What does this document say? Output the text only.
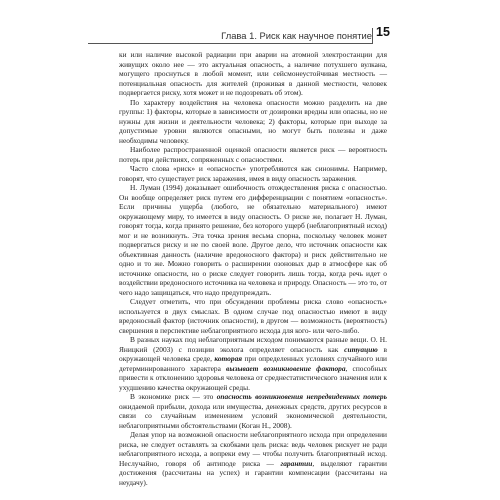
Глава 1. Риск как научное понятие 15

ки или наличие высокой радиации при аварии на атомной электростанции для живущих около нее — это актуальная опасность, а наличие потухшего вулкана, могущего проснуться в любой момент, или сейсмонеустойчивая местность — потенциальная опасность для жителей (проживая в данной местности, человек подвергается риску, хотя может и не подозревать об этом).

По характеру воздействия на человека опасности можно разделить на две группы: 1) факторы, которые в зависимости от дозировки вредны или опасны, но не нужны для жизни и деятельности человека; 2) факторы, которые при выходе за допустимые уровни являются опасными, но могут быть полезны и даже необходимы человеку.

Наиболее распространенной оценкой опасности является риск — вероятность потерь при действиях, сопряженных с опасностями.

Часто слова «риск» и «опасность» употребляются как синонимы. Например, говорят, что существует риск заражения, имея в виду опасность заражения.

Н. Луман (1994) доказывает ошибочность отождествления риска с опасностью. Он вообще определяет риск путем его дифференциации с понятием «опасность». Если причины ущерба (любого, не обязательно материального) имеют окружающему миру, то имеется в виду опасность. О риске же, полагает Н. Луман, говорят тогда, когда принято решение, без которого ущерб (неблагоприятный исход) мог и не возникнуть. Эта точка зрения весьма спорна, поскольку человек может подвергаться риску и не по своей воле. Другое дело, что источник опасности как объективная данность (наличие вредоносного фактора) и риск действительно не одно и то же. Можно говорить о расширении озоновых дыр в атмосфере как об источнике опасности, но о риске следует говорить лишь тогда, когда речь идет о воздействии вредоносного источника на человека и природу. Опасность — это то, от чего надо защищаться, что надо предупреждать.

Следует отметить, что при обсуждении проблемы риска слово «опасность» используется в двух смыслах. В одном случае под опасностью имеют в виду вредоносный фактор (источник опасности), в другом — возможность (вероятность) свершения в перспективе неблагоприятного исхода для кого- или чего-либо.

В разных науках под неблагоприятным исходом понимаются разные вещи. О. Н. Яницкий (2003) с позиции эколога определяет опасность как ситуацию в окружающей человека среде, которая при определенных условиях случайного или детерминированного характера вызывает возникновение фактора, способных привести к отклонению здоровья человека от среднестатистического значения или к ухудшению качества окружающей среды.

В экономике риск — это опасность возникновения непредвиденных потерь ожидаемой прибыли, дохода или имущества, денежных средств, других ресурсов в связи со случайным изменением условий экономической деятельности, неблагоприятными обстоятельствами (Коган Н., 2008).

Делая упор на возможной опасности неблагоприятного исхода при определении риска, не следует оставлять за скобками цель риска: ведь человек рискует не ради неблагоприятного исхода, а вопреки ему — чтобы получить благоприятный исход. Неслучайно, говоря об антиподе риска — гарантии, выделяют гарантии достижения (рассчитаны на успех) и гарантии компенсации (рассчитаны на неудачу).
